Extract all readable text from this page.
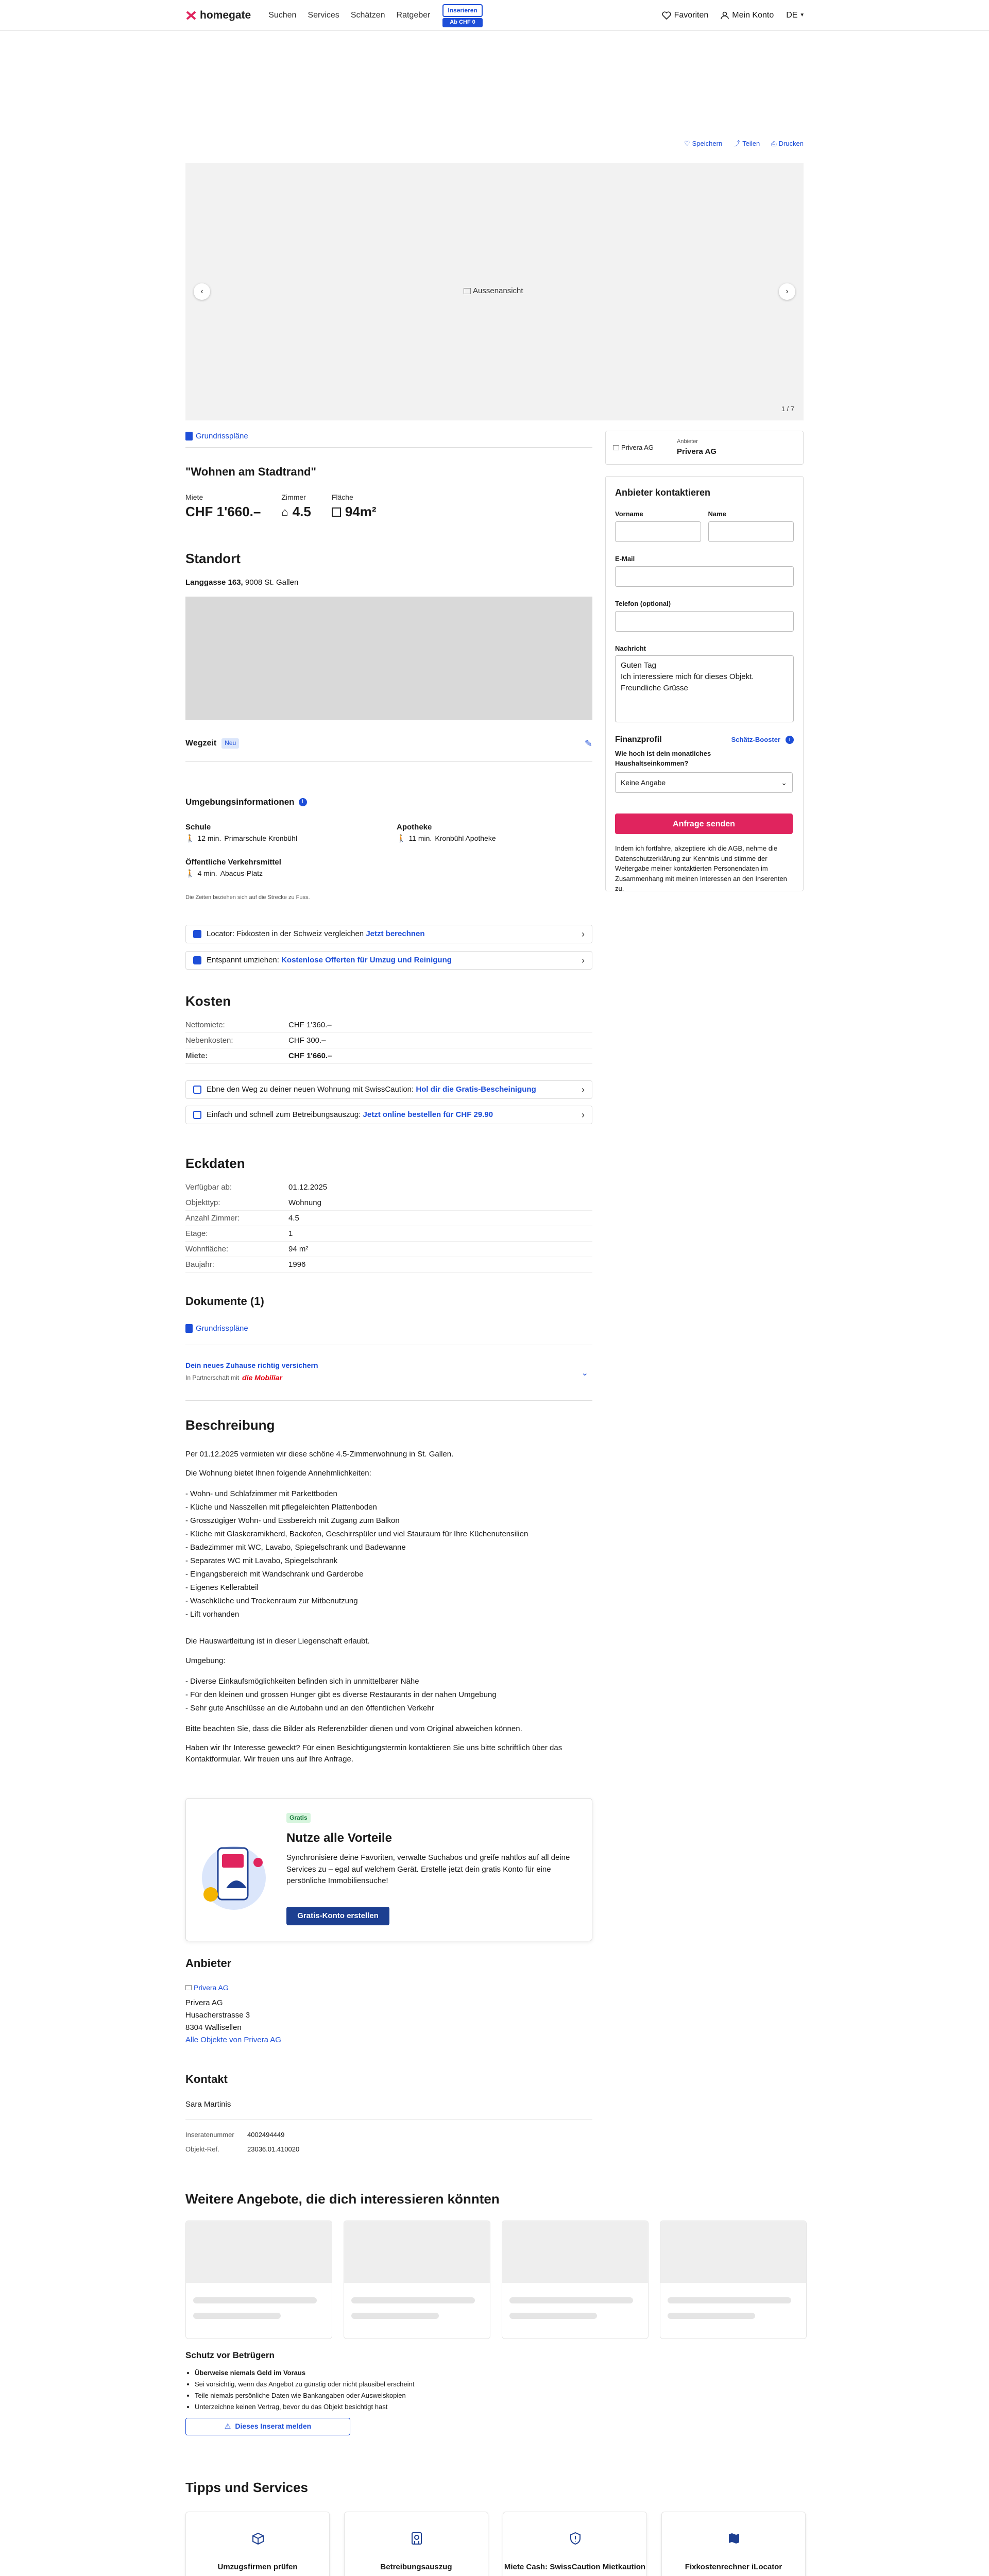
homegate Suchen Services Schätzen Ratgeber
Inserieren
Ab CHF 0
Favoriten	Mein Konto DE ▾
♡ Speichern ⤴ Teilen ⎙ Drucken
‹	Aussenansicht	›
1 / 7
Grundrisspläne
"Wohnen am Stadtrand"
Miete
CHF 1'660.–
Zimmer
⌂ 4.5
Fläche
94m²
Standort
Langgasse 163, 9008 St. Gallen
Wegzeit	Neu	✎
Umgebungsinformationen	i
Schule
🚶 12 min. Primarschule Kronbühl
Apotheke
🚶 11 min. Kronbühl Apotheke
Öffentliche Verkehrsmittel
🚶 4 min. Abacus-Platz
Die Zeiten beziehen sich auf die Strecke zu Fuss.
Locator: Fixkosten in der Schweiz vergleichen Jetzt berechnen	›
Entspannt umziehen: Kostenlose Offerten für Umzug und Reinigung	›
Kosten
Nettomiete:	CHF 1'360.–
Nebenkosten:	CHF 300.–
Miete:	CHF 1'660.–
Ebne den Weg zu deiner neuen Wohnung mit SwissCaution: Hol dir die Gratis-Bescheinigung	›
Einfach und schnell zum Betreibungsauszug: Jetzt online bestellen für CHF 29.90	›
Eckdaten
Verfügbar ab:	01.12.2025
Objekttyp:	Wohnung
Anzahl Zimmer:	4.5
Etage:	1
Wohnfläche:	94 m²
Baujahr:	1996
Dokumente (1)
Grundrisspläne
Dein neues Zuhause richtig versichern
In Partnerschaft mit die Mobiliar
⌄
Beschreibung

Per 01.12.2025 vermieten wir diese schöne 4.5-Zimmerwohnung in St. Gallen.

Die Wohnung bietet Ihnen folgende Annehmlichkeiten:

- Wohn- und Schlafzimmer mit Parkettboden
- Küche und Nasszellen mit pflegeleichten Plattenboden
- Grosszügiger Wohn- und Essbereich mit Zugang zum Balkon
- Küche mit Glaskeramikherd, Backofen, Geschirrspüler und viel Stauraum für Ihre Küchenutensilien
- Badezimmer mit WC, Lavabo, Spiegelschrank und Badewanne
- Separates WC mit Lavabo, Spiegelschrank
- Eingangsbereich mit Wandschrank und Garderobe
- Eigenes Kellerabteil
- Waschküche und Trockenraum zur Mitbenutzung
- Lift vorhanden

Die Hauswartleitung ist in dieser Liegenschaft erlaubt.

Umgebung:

- Diverse Einkaufsmöglichkeiten befinden sich in unmittelbarer Nähe
- Für den kleinen und grossen Hunger gibt es diverse Restaurants in der nahen Umgebung
- Sehr gute Anschlüsse an die Autobahn und an den öffentlichen Verkehr

Bitte beachten Sie, dass die Bilder als Referenzbilder dienen und vom Original abweichen können.

Haben wir Ihr Interesse geweckt? Für einen Besichtigungstermin kontaktieren Sie uns bitte schriftlich über das Kontaktformular. Wir freuen uns auf Ihre Anfrage.

Gratis
Nutze alle Vorteile
Synchronisiere deine Favoriten, verwalte Suchabos und greife nahtlos auf all deine Services zu – egal auf welchem Gerät. Erstelle jetzt dein gratis Konto für eine persönliche Immobiliensuche!
Gratis-Konto erstellen
Anbieter
Privera AG
Privera AG
Husacherstrasse 3
8304 Wallisellen
Alle Objekte von Privera AG
Kontakt
Sara Martinis
Inseratenummer	4002494449
Objekt-Ref.	23036.01.410020
Privera AG
Anbieter
Privera AG
Anbieter kontaktieren
Vorname	Name
E-Mail
Telefon (optional)
Nachricht
Guten Tag
Ich interessiere mich für dieses Objekt.
Freundliche Grüsse
Finanzprofil	Schätz-Booster	i
Wie hoch ist dein monatliches Haushaltseinkommen?
Keine Angabe	⌄
Anfrage senden
Indem ich fortfahre, akzeptiere ich die AGB, nehme die Datenschutzerklärung zur Kenntnis und stimme der Weitergabe meiner kontaktierten Personendaten im Zusammenhang mit meinen Interessen an den Inserenten zu.
Weitere Angebote, die dich interessieren könnten
Schutz vor Betrügern
• Überweise niemals Geld im Voraus
• Sei vorsichtig, wenn das Angebot zu günstig oder nicht plausibel erscheint
• Teile niemals persönliche Daten wie Bankangaben oder Ausweiskopien
• Unterzeichne keinen Vertrag, bevor du das Objekt besichtigt hast
⚠ Dieses Inserat melden
Tipps und Services
Umzugsfirmen prüfen	Betreibungsauszug	Miete Cash: SwissCaution Mietkaution	Fixkostenrechner iLocator
